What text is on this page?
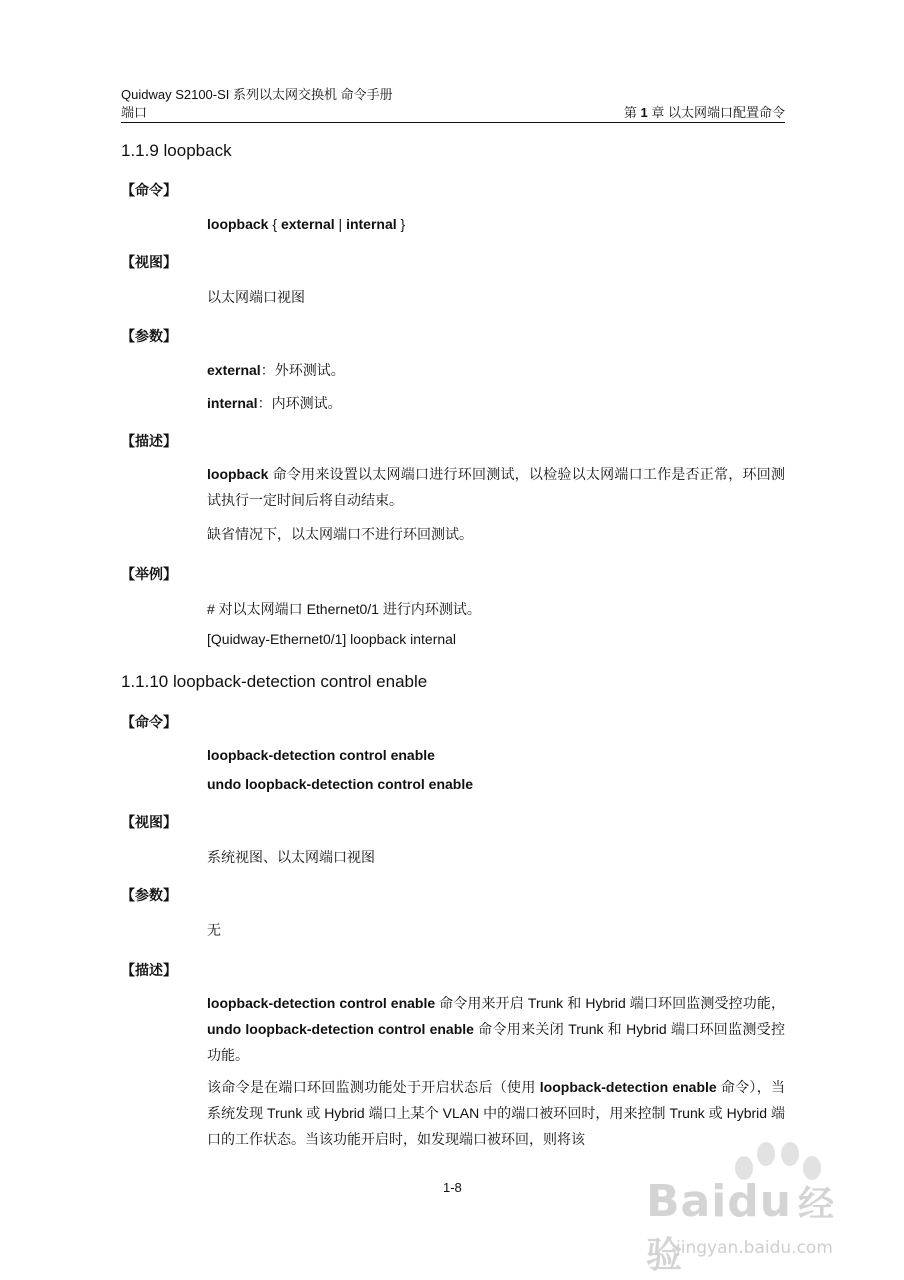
Quidway S2100-SI 系列以太网交换机 命令手册
端口	第 1 章 以太网端口配置命令
1.1.9 loopback
【命令】
loopback { external | internal }
【视图】
以太网端口视图
【参数】
external：外环测试。
internal：内环测试。
【描述】
loopback 命令用来设置以太网端口进行环回测试，以检验以太网端口工作是否正常，环回测试执行一定时间后将自动结束。
缺省情况下，以太网端口不进行环回测试。
【举例】
# 对以太网端口 Ethernet0/1 进行内环测试。
[Quidway-Ethernet0/1] loopback internal
1.1.10 loopback-detection control enable
【命令】
loopback-detection control enable
undo loopback-detection control enable
【视图】
系统视图、以太网端口视图
【参数】
无
【描述】
loopback-detection control enable 命令用来开启 Trunk 和 Hybrid 端口环回监测受控功能，undo loopback-detection control enable 命令用来关闭 Trunk 和 Hybrid 端口环回监测受控功能。
该命令是在端口环回监测功能处于开启状态后（使用 loopback-detection enable 命令），当系统发现 Trunk 或 Hybrid 端口上某个 VLAN 中的端口被环回时，用来控制 Trunk 或 Hybrid 端口的工作状态。当该功能开启时，如发现端口被环回，则将该
1-8	Baidu 经验
jingyan.baidu.com
